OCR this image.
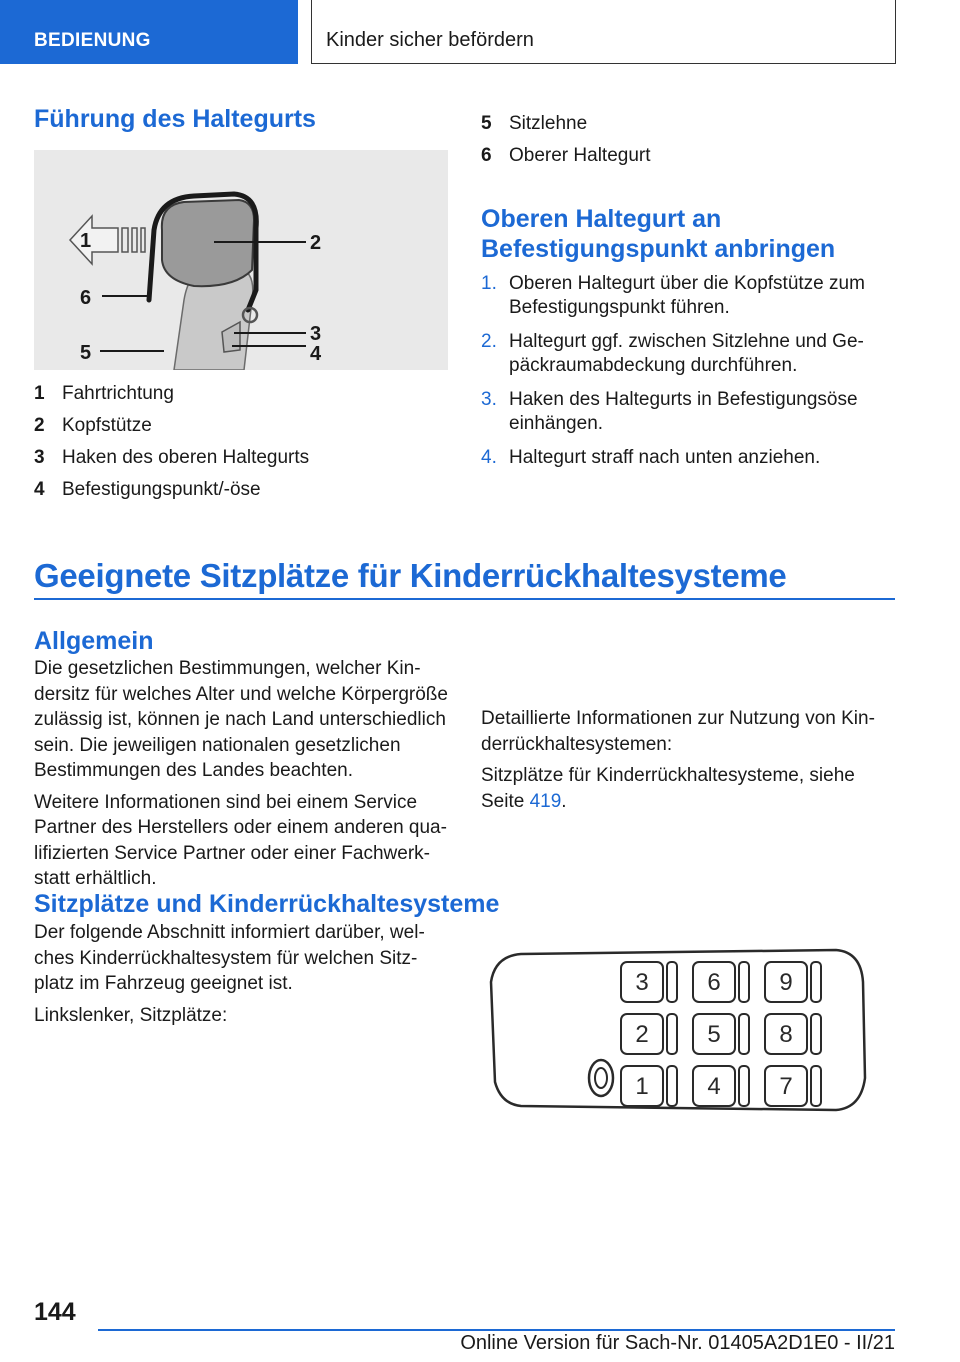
BEDIENUNG	Kinder sicher befördern
Führung des Haltegurts
1	2
3
4
5
6
1 Fahrtrichtung
2 Kopfstütze
3 Haken des oberen Haltegurts
4 Befestigungspunkt/-öse
5 Sitzlehne
6 Oberer Haltegurt
Oberen Haltegurt an Befestigungspunkt anbringen
1. Oberen Haltegurt über die Kopfstütze zum Befestigungspunkt führen.
2. Haltegurt ggf. zwischen Sitzlehne und Gepäckraumabdeckung durchführen.
3. Haken des Haltegurts in Befestigungsöse einhängen.
4. Haltegurt straff nach unten anziehen.
Geeignete Sitzplätze für Kinderrückhaltesysteme
Allgemein

Die gesetzlichen Bestimmungen, welcher Kindersitz für welches Alter und welche Körpergröße zulässig ist, können je nach Land unterschiedlich sein. Die jeweiligen nationalen gesetzlichen Bestimmungen des Landes beachten.

Weitere Informationen sind bei einem Service Partner des Herstellers oder einem anderen qualifizierten Service Partner oder einer Fachwerkstatt erhältlich.

Detaillierte Informationen zur Nutzung von Kinderrückhaltesystemen:

Sitzplätze für Kinderrückhaltesysteme, siehe Seite 419.

Sitzplätze und Kinderrückhaltesysteme

Der folgende Abschnitt informiert darüber, welches Kinderrückhaltesystem für welchen Sitzplatz im Fahrzeug geeignet ist.

Linkslenker, Sitzplätze:

3 6 9
2 5 8
1 4 7
144
Online Version für Sach-Nr. 01405A2D1E0 - II/21
